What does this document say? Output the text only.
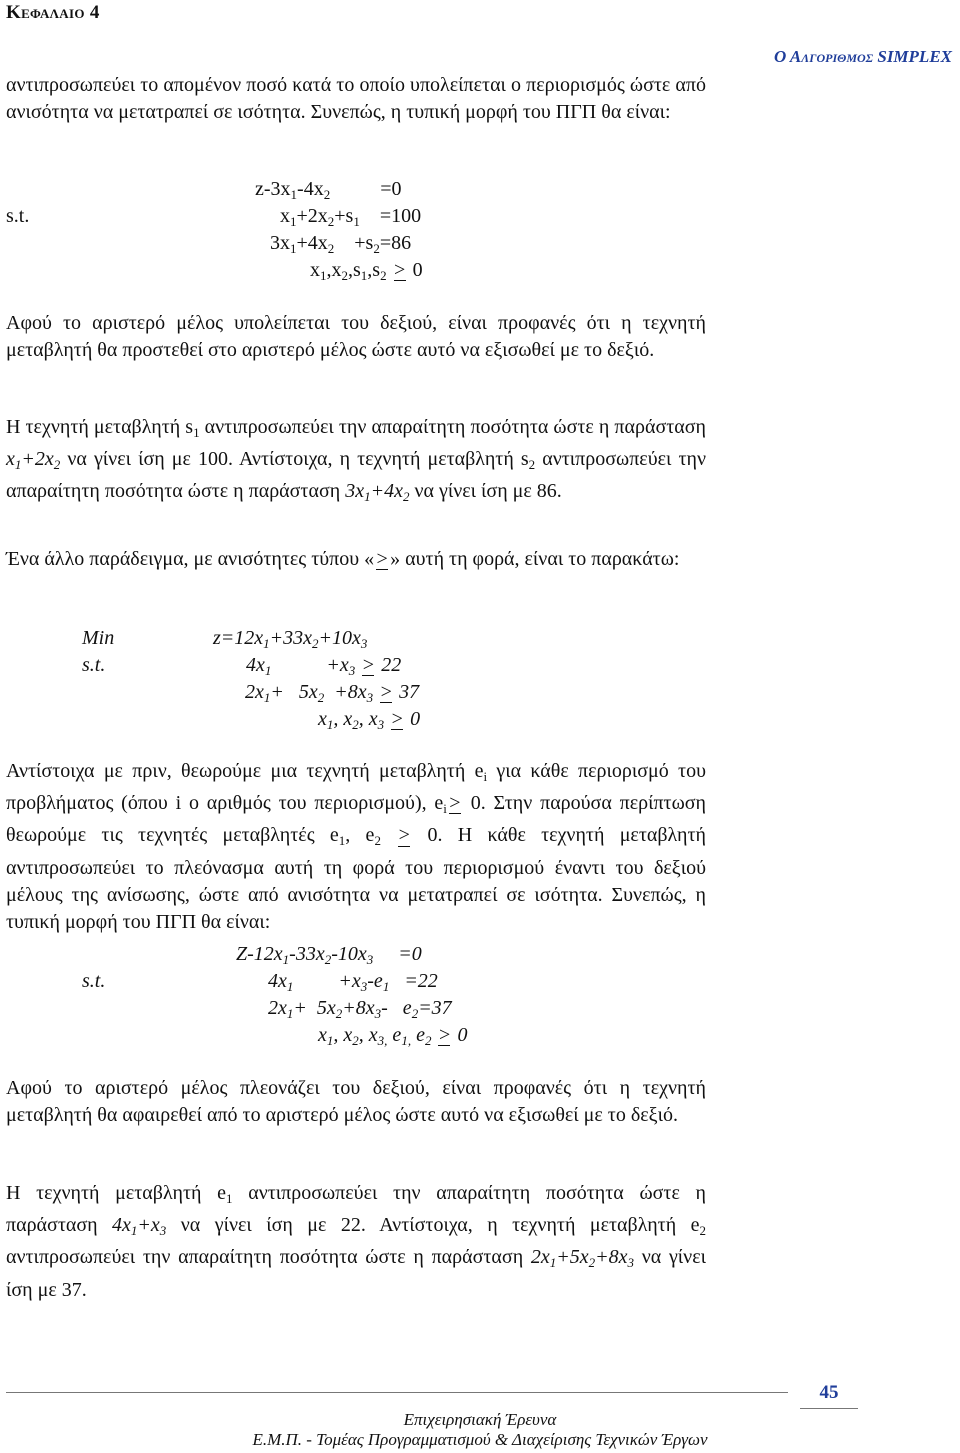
Κεφαλαιο 4
Ο Αλγοριθμος SIMPLEX
αντιπροσωπεύει το απομένον ποσό κατά το οποίο υπολείπεται ο περιορισμός ώστε από ανισότητα να μετατραπεί σε ισότητα. Συνεπώς, η τυπική μορφή του ΠΓΠ θα είναι:
$z-3x_1-4x_2$          =0
s.t.	$x_1+2x_2+s_1$    =100
$3x_1+4x_2$    $+s_2=86$
$x_1,x_2,s_1,s_2 > 0$
Αφού το αριστερό μέλος υπολείπεται του δεξιού, είναι προφανές ότι η τεχνητή μεταβλητή θα προστεθεί στο αριστερό μέλος ώστε αυτό να εξισωθεί με το δεξιό.
Η τεχνητή μεταβλητή $s_1$ αντιπροσωπεύει την απαραίτητη ποσότητα ώστε η παράσταση $x_1+2x_2$ να γίνει ίση με 100. Αντίστοιχα, η τεχνητή μεταβλητή $s_2$ αντιπροσωπεύει την απαραίτητη ποσότητα ώστε η παράσταση $3x_1+4x_2$ να γίνει ίση με 86.
Ένα άλλο παράδειγμα, με ανισότητες τύπου « > » αυτή τη φορά, είναι το παρακάτω:
Min	$z=12x_1+33x_2+10x_3$
s.t.	$4x_1$           $+x_3 > 22$
$2x_1+ 5x_2 +8x_3 > 37$
$x_1$, $x_2$, $x_3 > 0$
Αντίστοιχα με πριν, θεωρούμε μια τεχνητή μεταβλητή $e_i$ για κάθε περιορισμό του προβλήματος (όπου i ο αριθμός του περιορισμού), $e_i > 0$. Στην παρούσα περίπτωση θεωρούμε τις τεχνητές μεταβλητές $e_1$, $e_2 > 0$. Η κάθε τεχνητή μεταβλητή αντιπροσωπεύει το πλεόνασμα αυτή τη φορά του περιορισμού έναντι του δεξιού μέλους της ανίσωσης, ώστε από ανισότητα να μετατραπεί σε ισότητα. Συνεπώς, η τυπική μορφή του ΠΓΠ θα είναι:
$Z-12x_1-33x_2-10x_3$     =0
s.t.	$4x_1$         $+x_3-e_1 =22$
$2x_1+ 5x_2+8x_3-$   $e_2=37$
$x_1$, $x_2$, $x_{3,}$ $e_{1,}$ $e_2 > 0$
Αφού το αριστερό μέλος πλεονάζει του δεξιού, είναι προφανές ότι η τεχνητή μεταβλητή θα αφαιρεθεί από το αριστερό μέλος ώστε αυτό να εξισωθεί με το δεξιό.
Η τεχνητή μεταβλητή $e_1$ αντιπροσωπεύει την απαραίτητη ποσότητα ώστε η παράσταση $4x_1+x_3$ να γίνει ίση με 22. Αντίστοιχα, η τεχνητή μεταβλητή $e_2$ αντιπροσωπεύει την απαραίτητη ποσότητα ώστε η παράσταση $2x_1+5x_2+8x_3$ να γίνει ίση με 37.
45
Επιχειρησιακή Έρευνα
Ε.Μ.Π. - Τομέας Προγραμματισμού & Διαχείρισης Τεχνικών Έργων
